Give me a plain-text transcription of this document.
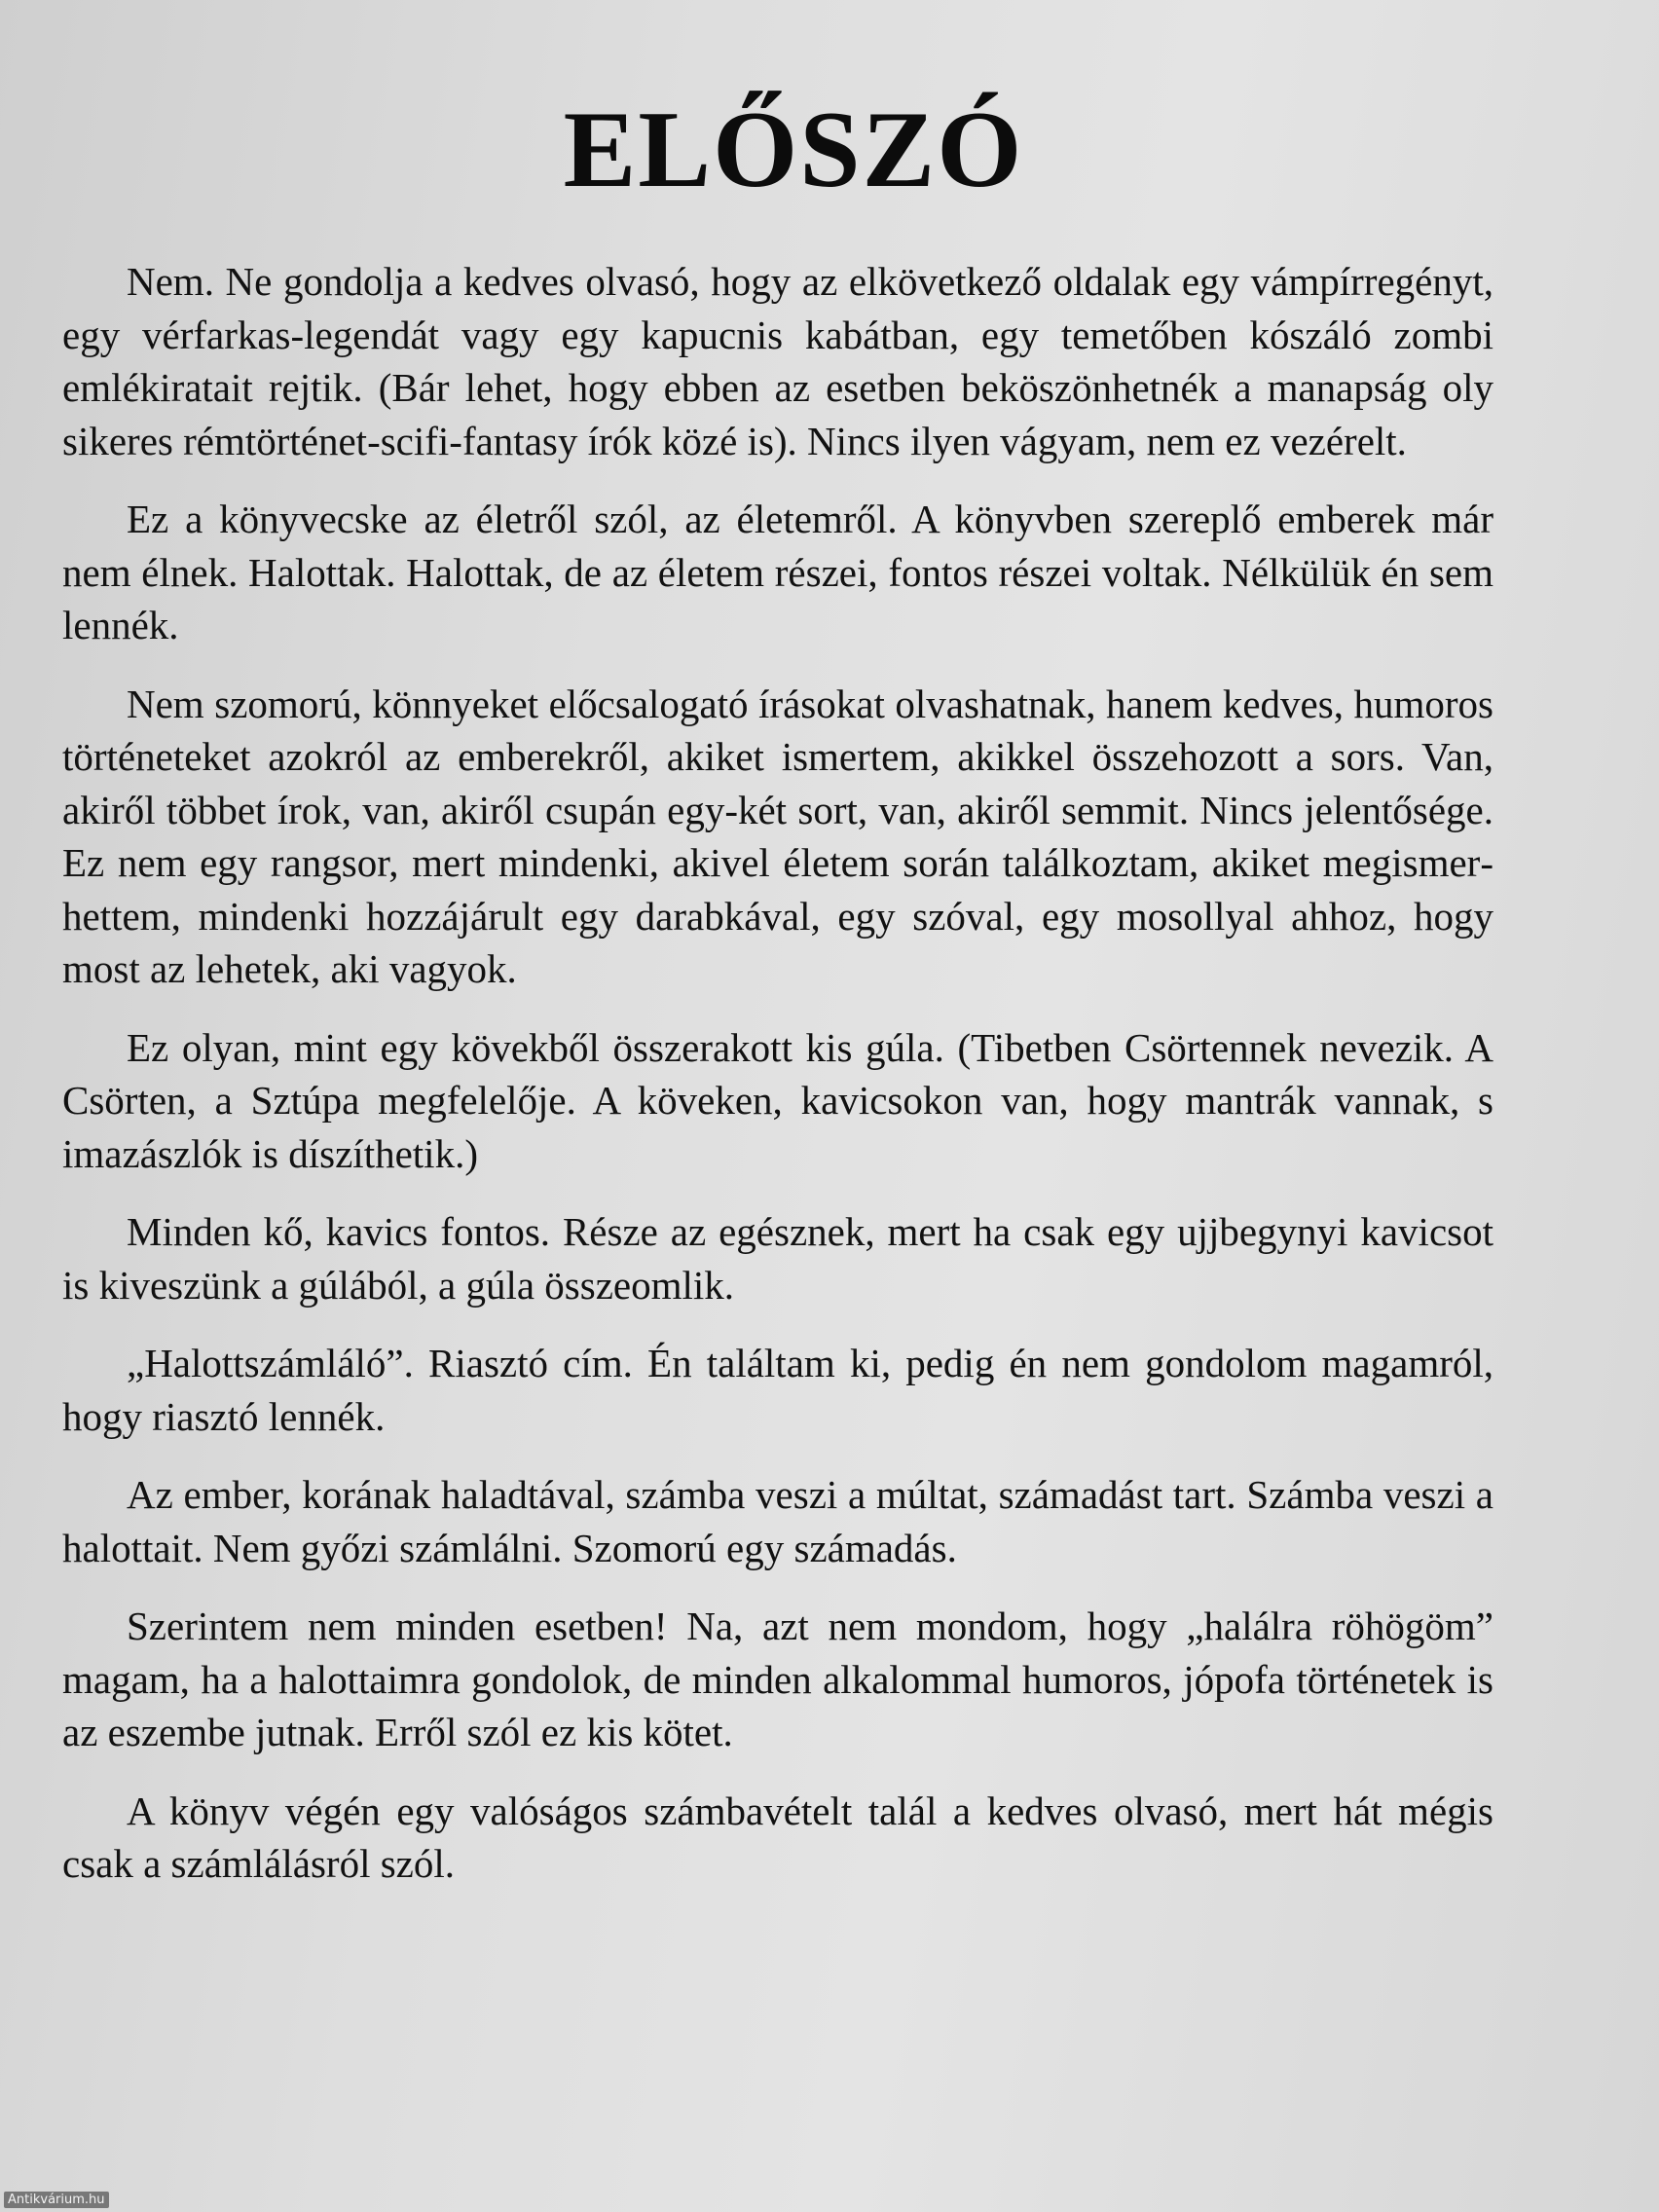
ELŐSZÓ

Nem. Ne gondolja a kedves olvasó, hogy az elkövetkező oldalak egy vámpírregényt, egy vérfarkas-legendát vagy egy kapucnis kabátban, egy temetőben kószáló zombi emlékiratait rejtik. (Bár lehet, hogy ebben az esetben beköszönhetnék a manapság oly sikeres rémtörténet-scifi-fantasy írók közé is). Nincs ilyen vágyam, nem ez vezérelt.

Ez a könyvecske az életről szól, az életemről. A könyvben szereplő emberek már nem élnek. Halottak. Halottak, de az életem részei, fontos részei voltak. Nélkülük én sem lennék.

Nem szomorú, könnyeket előcsalogató írásokat olvashatnak, hanem kedves, humoros történeteket azokról az emberekről, akiket ismertem, akikkel összehozott a sors. Van, akiről többet írok, van, akiről csupán egy-két sort, van, akiről semmit. Nincs jelentősége. Ez nem egy rangsor, mert mindenki, akivel életem során találkoztam, akiket megismerhettem, mindenki hozzájárult egy darabkával, egy szóval, egy mosollyal ahhoz, hogy most az lehetek, aki vagyok.

Ez olyan, mint egy kövekből összerakott kis gúla. (Tibetben Csörtennek nevezik. A Csörten, a Sztúpa megfelelője. A köveken, kavicsokon van, hogy mantrák vannak, s imazászlók is díszíthetik.)

Minden kő, kavics fontos. Része az egésznek, mert ha csak egy ujjbegynyi kavicsot is kiveszünk a gúlából, a gúla összeomlik.

„Halottszámláló”. Riasztó cím. Én találtam ki, pedig én nem gondolom magamról, hogy riasztó lennék.

Az ember, korának haladtával, számba veszi a múltat, számadást tart. Számba veszi a halottait. Nem győzi számlálni. Szomorú egy számadás.

Szerintem nem minden esetben! Na, azt nem mondom, hogy „halálra röhögöm” magam, ha a halottaimra gondolok, de minden alkalommal humoros, jópofa történetek is az eszembe jutnak. Erről szól ez kis kötet.

A könyv végén egy valóságos számbavételt talál a kedves olvasó, mert hát mégis csak a számlálásról szól.

Antikvárium.hu
